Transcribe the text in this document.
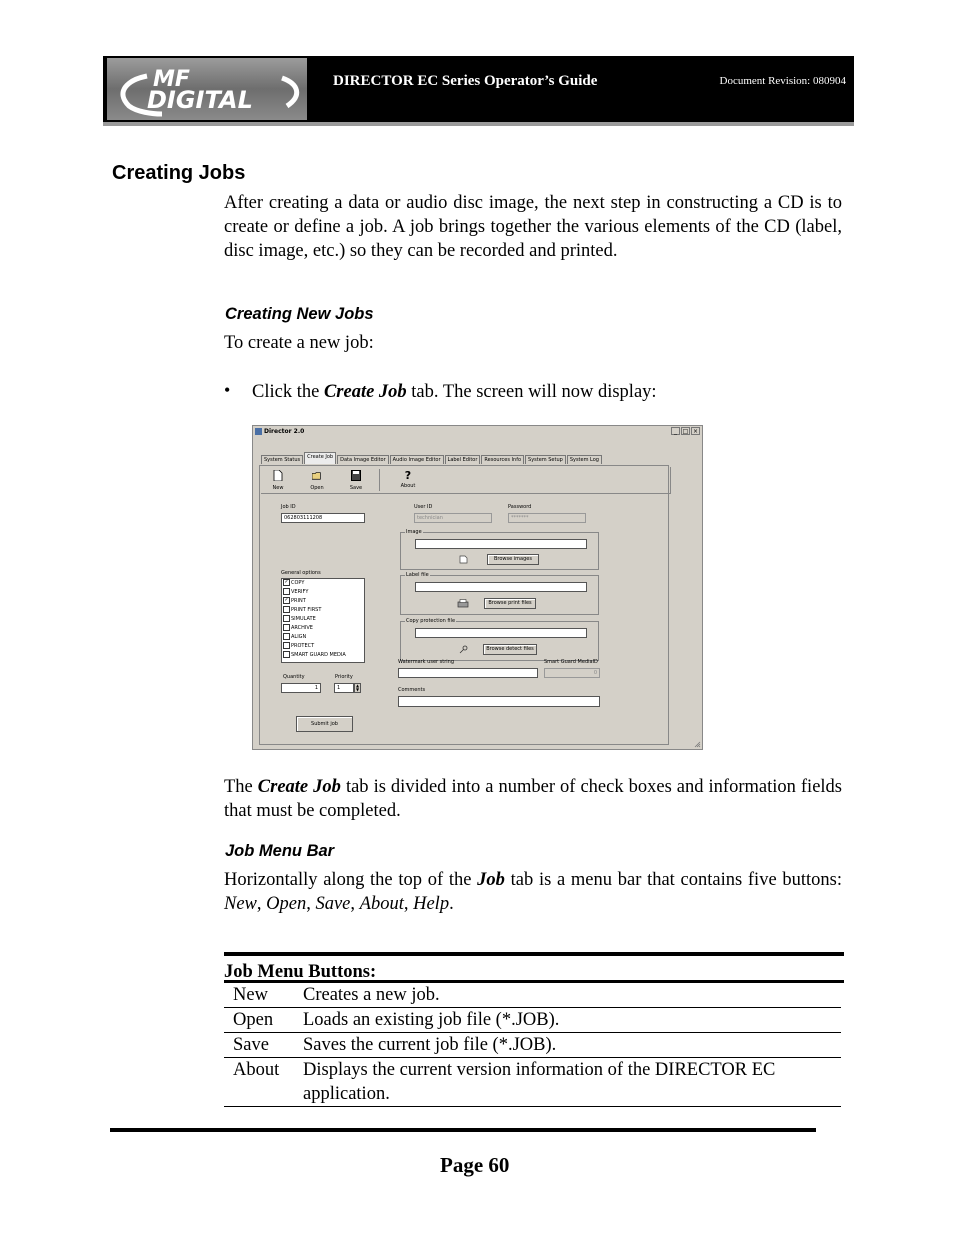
MF
DIGITAL
DIRECTOR EC Series Operator’s Guide	Document Revision: 080904
Creating Jobs
After creating a data or audio disc image, the next step in constructing a CD is to create or define a job. A job brings together the various elements of the CD (label, disc image, etc.) so they can be recorded and printed.
Creating New Jobs
To create a new job:
• Click the Create Job tab. The screen will now display:
Director 2.0	_ □ ×
System Status	Create Job	Data Image Editor	Audio Image Editor	Label Editor	Resources Info	System Setup	System Log
New	Open	Save
?
About
Job ID
062803111208
General options
✓ COPY
VERIFY
✓ PRINT
PRINT FIRST
SIMULATE
ARCHIVE
ALIGN
PROTECT
SMART GUARD MEDIA
Quantity
1
Priority
1	▲
▼
Submit job
User ID
technician
Password
*******
Image
Browse images
Label file
Browse print files
Copy protection file
Browse detect files
Watermark user string	Smart Guard MediaID
0
Comments
The Create Job tab is divided into a number of check boxes and information fields that must be completed.
Job Menu Bar
Horizontally along the top of the Job tab is a menu bar that contains five buttons: New, Open, Save, About, Help.
Job Menu Buttons:
New	Creates a new job.
Open	Loads an existing job file (*.JOB).
Save	Saves the current job file (*.JOB).
About	Displays the current version information of the DIRECTOR EC application.
Page 60
